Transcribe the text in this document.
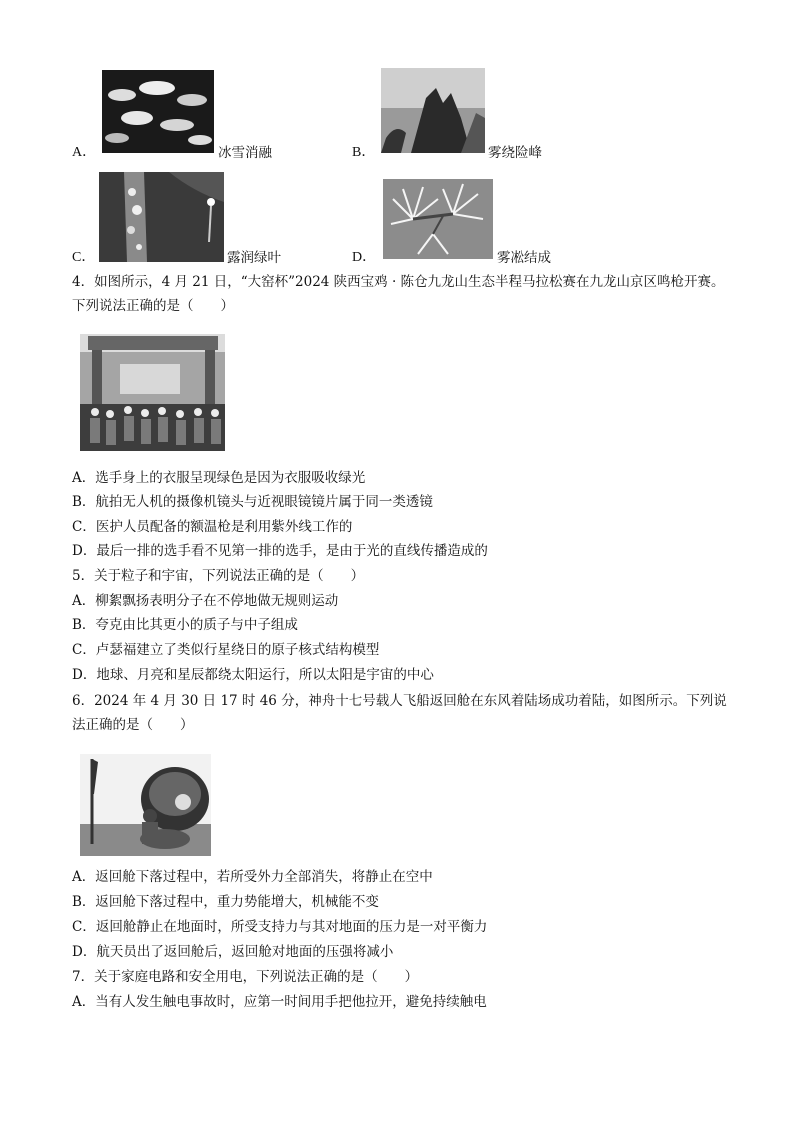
A．	冰雪消融	B．	雾绕险峰
C．	露润绿叶	D．	雾凇结成
4．如图所示，4 月 21 日，“大窑杯”2024 陕西宝鸡 · 陈仓九龙山生态半程马拉松赛在九龙山京区鸣枪开赛。
下列说法正确的是（　　）
A．选手身上的衣服呈现绿色是因为衣服吸收绿光
B．航拍无人机的摄像机镜头与近视眼镜镜片属于同一类透镜
C．医护人员配备的额温枪是利用紫外线工作的
D．最后一排的选手看不见第一排的选手，是由于光的直线传播造成的
5．关于粒子和宇宙，下列说法正确的是（　　）
A．柳絮飘扬表明分子在不停地做无规则运动
B．夸克由比其更小的质子与中子组成
C．卢瑟福建立了类似行星绕日的原子核式结构模型
D．地球、月亮和星辰都绕太阳运行，所以太阳是宇宙的中心
6．2024 年 4 月 30 日 17 时 46 分，神舟十七号载人飞船返回舱在东风着陆场成功着陆，如图所示。下列说
法正确的是（　　）
A．返回舱下落过程中，若所受外力全部消失，将静止在空中
B．返回舱下落过程中，重力势能增大，机械能不变
C．返回舱静止在地面时，所受支持力与其对地面的压力是一对平衡力
D．航天员出了返回舱后，返回舱对地面的压强将减小
7．关于家庭电路和安全用电，下列说法正确的是（　　）
A．当有人发生触电事故时，应第一时间用手把他拉开，避免持续触电
